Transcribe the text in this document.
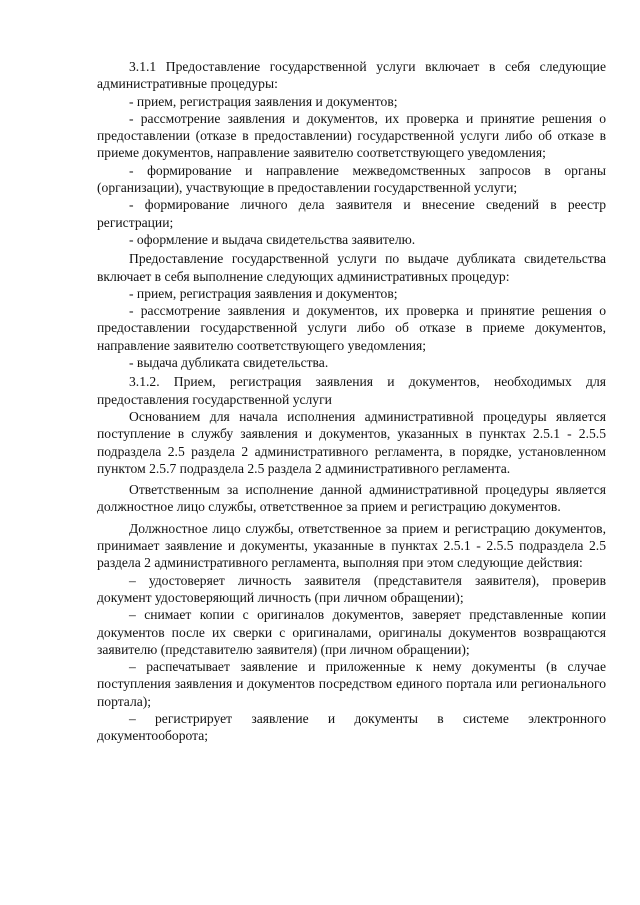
3.1.1 Предоставление государственной услуги включает в себя следующие административные процедуры:

- прием, регистрация заявления и документов;

- рассмотрение заявления и документов, их проверка и принятие решения о предоставлении (отказе в предоставлении) государственной услуги либо об отказе в приеме документов, направление заявителю соответствующего уведомления;

- формирование и направление межведомственных запросов в органы (организации), участвующие в предоставлении государственной услуги;

- формирование личного дела заявителя и внесение сведений в реестр регистрации;

- оформление и выдача свидетельства заявителю.

Предоставление государственной услуги по выдаче дубликата свидетельства включает в себя выполнение следующих административных процедур:

- прием, регистрация заявления и документов;

- рассмотрение заявления и документов, их проверка и принятие решения о предоставлении государственной услуги либо об отказе в приеме документов, направление заявителю соответствующего уведомления;

- выдача дубликата свидетельства.

3.1.2. Прием, регистрация заявления и документов, необходимых для предоставления государственной услуги

Основанием для начала исполнения административной процедуры является поступление в службу заявления и документов, указанных в пунктах 2.5.1 - 2.5.5 подраздела 2.5 раздела 2 административного регламента, в порядке, установленном пунктом 2.5.7 подраздела 2.5 раздела 2 административного регламента.

Ответственным за исполнение данной административной процедуры является должностное лицо службы, ответственное за прием и регистрацию документов.

Должностное лицо службы, ответственное за прием и регистрацию документов, принимает заявление и документы, указанные в пунктах 2.5.1 - 2.5.5 подраздела 2.5 раздела 2 административного регламента, выполняя при этом следующие действия:

– удостоверяет личность заявителя (представителя заявителя), проверив документ удостоверяющий личность (при личном обращении);

– снимает копии с оригиналов документов, заверяет представленные копии документов после их сверки с оригиналами, оригиналы документов возвращаются заявителю (представителю заявителя) (при личном обращении);

– распечатывает заявление и приложенные к нему документы (в случае поступления заявления и документов посредством единого портала или регионального портала);

– регистрирует заявление и документы в системе электронного документооборота;
